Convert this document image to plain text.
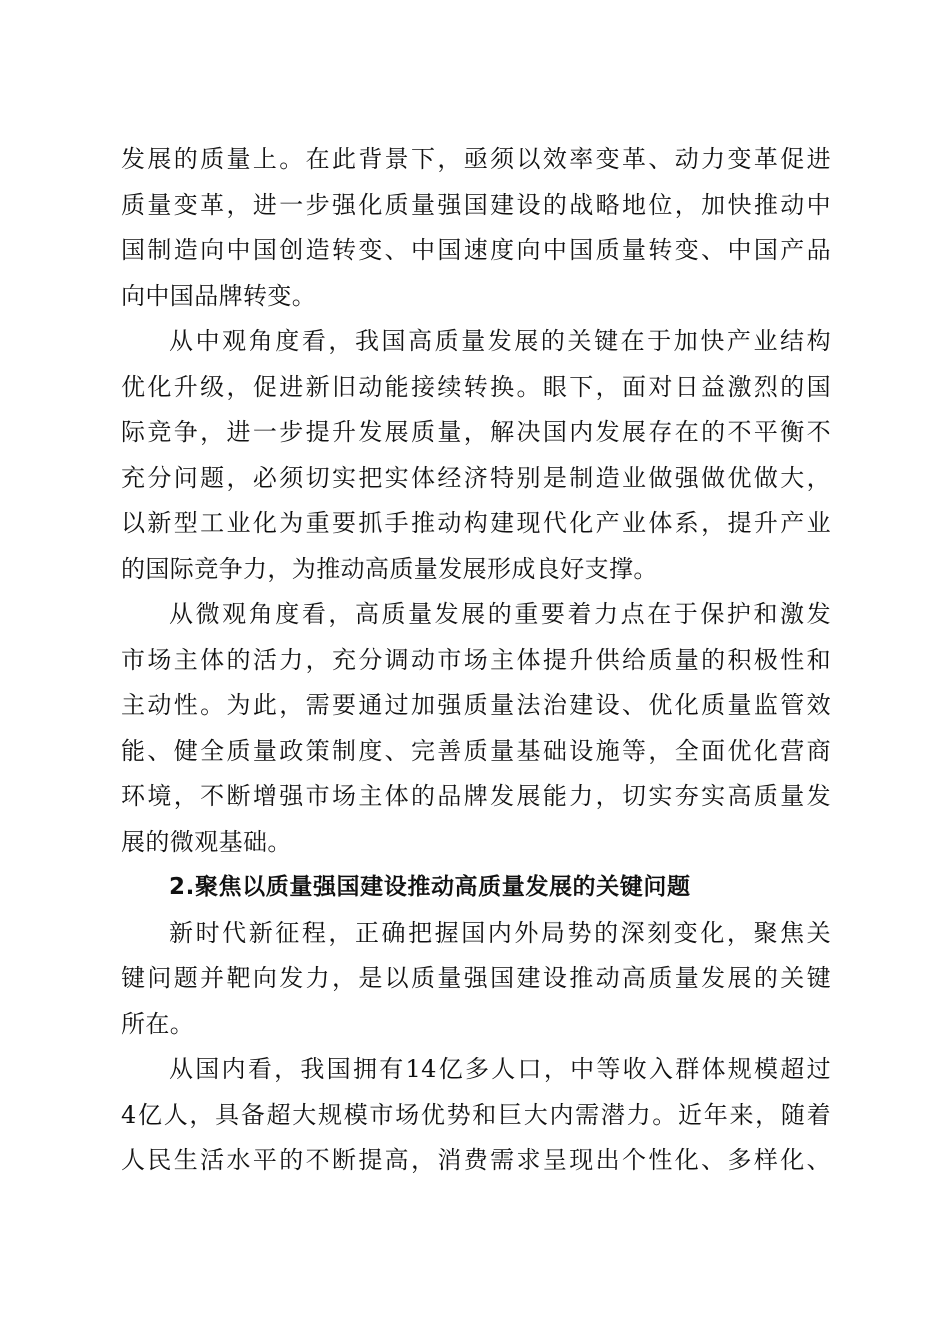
发展的质量上。在此背景下，亟须以效率变革、动力变革促进
质量变革，进一步强化质量强国建设的战略地位，加快推动中
国制造向中国创造转变、中国速度向中国质量转变、中国产品
向中国品牌转变。

从中观角度看，我国高质量发展的关键在于加快产业结构
优化升级，促进新旧动能接续转换。眼下，面对日益激烈的国
际竞争，进一步提升发展质量，解决国内发展存在的不平衡不
充分问题，必须切实把实体经济特别是制造业做强做优做大，
以新型工业化为重要抓手推动构建现代化产业体系，提升产业
的国际竞争力，为推动高质量发展形成良好支撑。

从微观角度看，高质量发展的重要着力点在于保护和激发
市场主体的活力，充分调动市场主体提升供给质量的积极性和
主动性。为此，需要通过加强质量法治建设、优化质量监管效
能、健全质量政策制度、完善质量基础设施等，全面优化营商
环境，不断增强市场主体的品牌发展能力，切实夯实高质量发
展的微观基础。

2.聚焦以质量强国建设推动高质量发展的关键问题

新时代新征程，正确把握国内外局势的深刻变化，聚焦关
键问题并靶向发力，是以质量强国建设推动高质量发展的关键
所在。

从国内看，我国拥有14亿多人口，中等收入群体规模超过
4亿人，具备超大规模市场优势和巨大内需潜力。近年来，随着
人民生活水平的不断提高，消费需求呈现出个性化、多样化、
